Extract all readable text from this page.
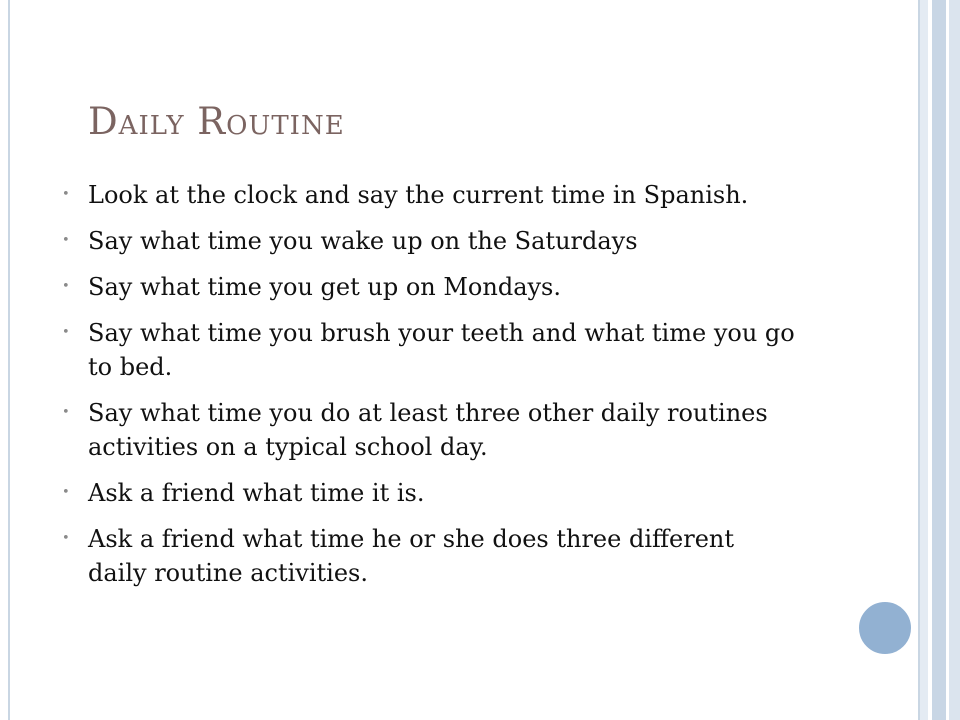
Daily Routine
• Look at the clock and say the current time in Spanish.
• Say what time you wake up on the Saturdays
• Say what time you get up on Mondays.
• Say what time you brush your teeth and what time you go to bed.
• Say what time you do at least three other daily routines activities on a typical school day.
• Ask a friend what time it is.
• Ask a friend what time he or she does three different daily routine activities.
